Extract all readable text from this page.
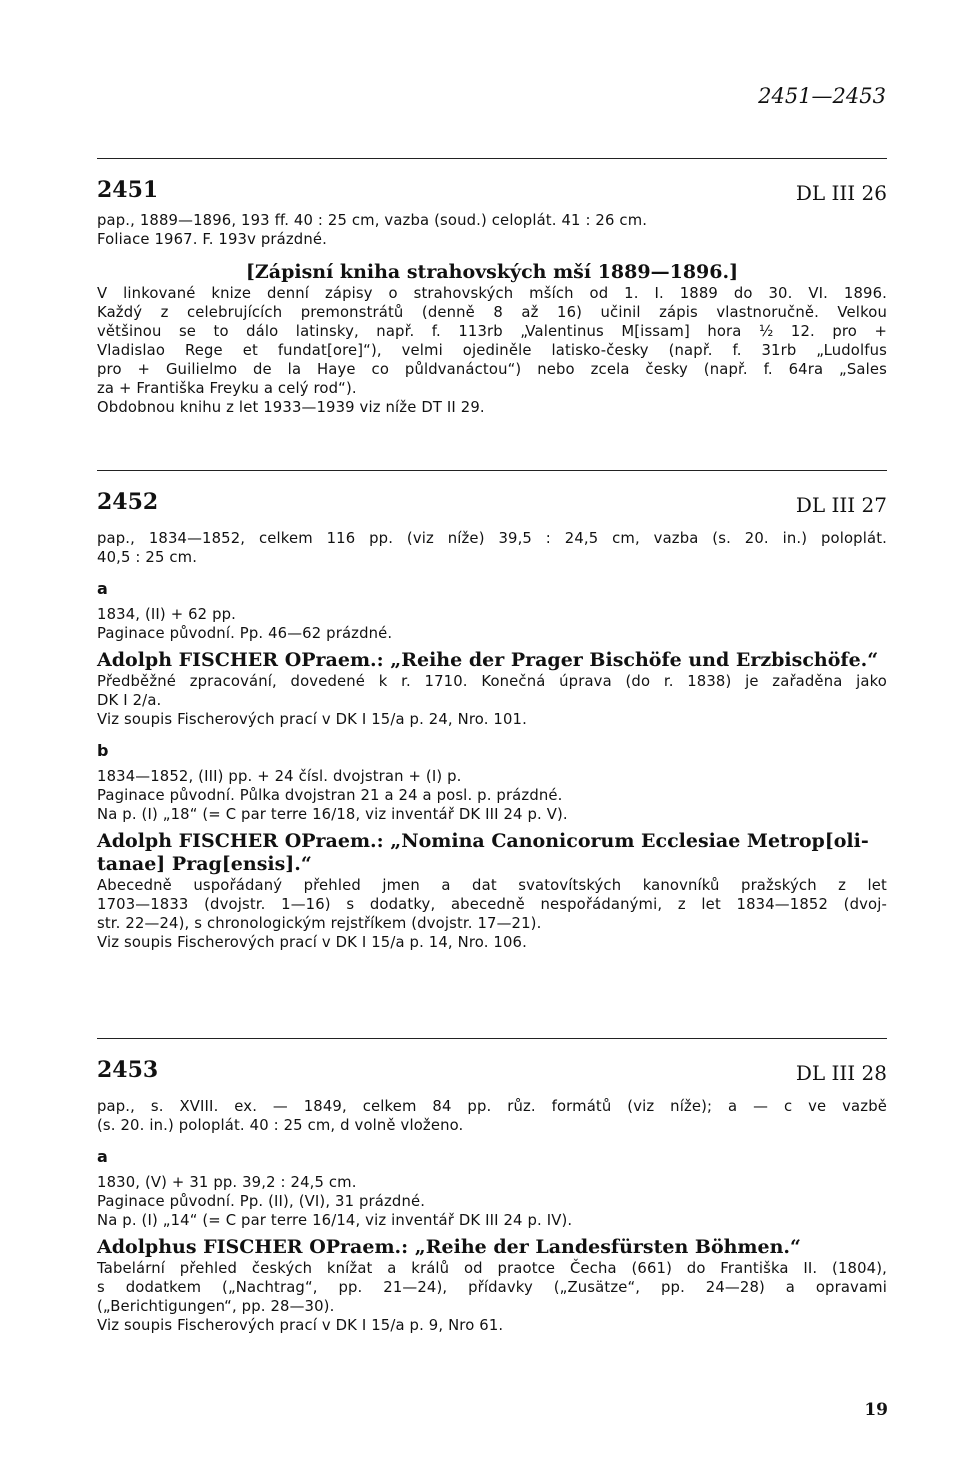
2451—2453
2451	DL III 26
pap., 1889—1896, 193 ff. 40 : 25 cm, vazba (soud.) celoplát. 41 : 26 cm.
Foliace 1967. F. 193v prázdné.
[Zápisní kniha strahovských mší 1889—1896.]
V linkované knize denní zápisy o strahovských mších od 1. I. 1889 do 30. VI. 1896.
Každý z celebrujících premonstrátů (denně 8 až 16) učinil zápis vlastnoručně. Velkou
většinou se to dálo latinsky, např. f. 113rb „Valentinus M[issam] hora ½ 12. pro +
Vladislao Rege et fundat[ore]“), velmi ojediněle latisko-česky (např. f. 31rb „Ludolfus
pro + Guilielmo de la Haye co půldvanáctou“) nebo zcela česky (např. f. 64ra „Sales
za + Františka Freyku a celý rod“).
Obdobnou knihu z let 1933—1939 viz níže DT II 29.
2452	DL III 27
pap., 1834—1852, celkem 116 pp. (viz níže) 39,5 : 24,5 cm, vazba (s. 20. in.) poloplát.
40,5 : 25 cm.
a
1834, (II) + 62 pp.
Paginace původní. Pp. 46—62 prázdné.
Adolph FISCHER OPraem.: „Reihe der Prager Bischöfe und Erzbischöfe.“
Předběžné zpracování, dovedené k r. 1710. Konečná úprava (do r. 1838) je zařaděna jako
DK I 2/a.
Viz soupis Fischerových prací v DK I 15/a p. 24, Nro. 101.
b
1834—1852, (III) pp. + 24 čísl. dvojstran + (I) p.
Paginace původní. Půlka dvojstran 21 a 24 a posl. p. prázdné.
Na p. (I) „18“ (= C par terre 16/18, viz inventář DK III 24 p. V).
Adolph FISCHER OPraem.: „Nomina Canonicorum Ecclesiae Metrop[oli-
tanae] Prag[ensis].“
Abecedně uspořádaný přehled jmen a dat svatovítských kanovníků pražských z let
1703—1833 (dvojstr. 1—16) s dodatky, abecedně nespořádanými, z let 1834—1852 (dvoj-
str. 22—24), s chronologickým rejstříkem (dvojstr. 17—21).
Viz soupis Fischerových prací v DK I 15/a p. 14, Nro. 106.
2453	DL III 28
pap., s. XVIII. ex. — 1849, celkem 84 pp. růz. formátů (viz níže); a — c ve vazbě
(s. 20. in.) poloplát. 40 : 25 cm, d volně vloženo.
a
1830, (V) + 31 pp. 39,2 : 24,5 cm.
Paginace původní. Pp. (II), (VI), 31 prázdné.
Na p. (I) „14“ (= C par terre 16/14, viz inventář DK III 24 p. IV).
Adolphus FISCHER OPraem.: „Reihe der Landesfürsten Böhmen.“
Tabelární přehled českých knížat a králů od praotce Čecha (661) do Františka II. (1804),
s dodatkem („Nachtrag“, pp. 21—24), přídavky („Zusätze“, pp. 24—28) a opravami
(„Berichtigungen“, pp. 28—30).
Viz soupis Fischerových prací v DK I 15/a p. 9, Nro 61.
19
